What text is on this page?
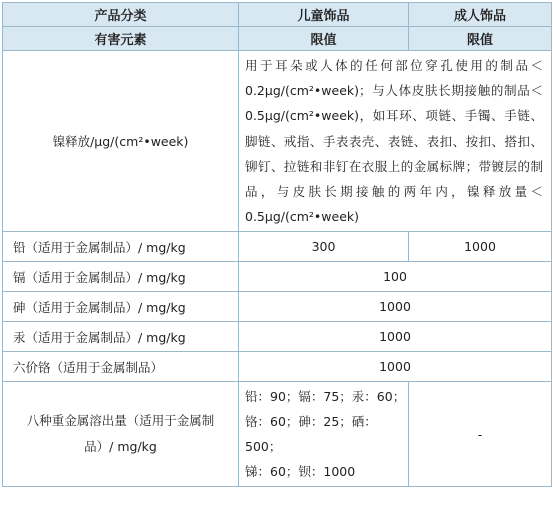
产品分类	儿童饰品	成人饰品
有害元素	限值	限值
镍释放/μg/(cm²•week)	用于耳朵或人体的任何部位穿孔使用的制品＜0.2μg/(cm²•week)；与人体皮肤长期接触的制品＜0.5μg/(cm²•week)，如耳环、项链、手镯、手链、脚链、戒指、手表表壳、表链、表扣、按扣、搭扣、铆钉、拉链和非钉在衣服上的金属标牌；带镀层的制品，与皮肤长期接触的两年内，镍释放量＜0.5μg/(cm²•week)	
铅（适用于金属制品）/ mg/kg	300	1000
镉（适用于金属制品）/ mg/kg	100	
砷（适用于金属制品）/ mg/kg	1000	
汞（适用于金属制品）/ mg/kg	1000	
六价铬（适用于金属制品）	1000	
八种重金属溶出量（适用于金属制品）/ mg/kg	铅：90；镉：75；汞：60；
铬：60；砷：25；硒：500；
锑：60；钡：1000	-
